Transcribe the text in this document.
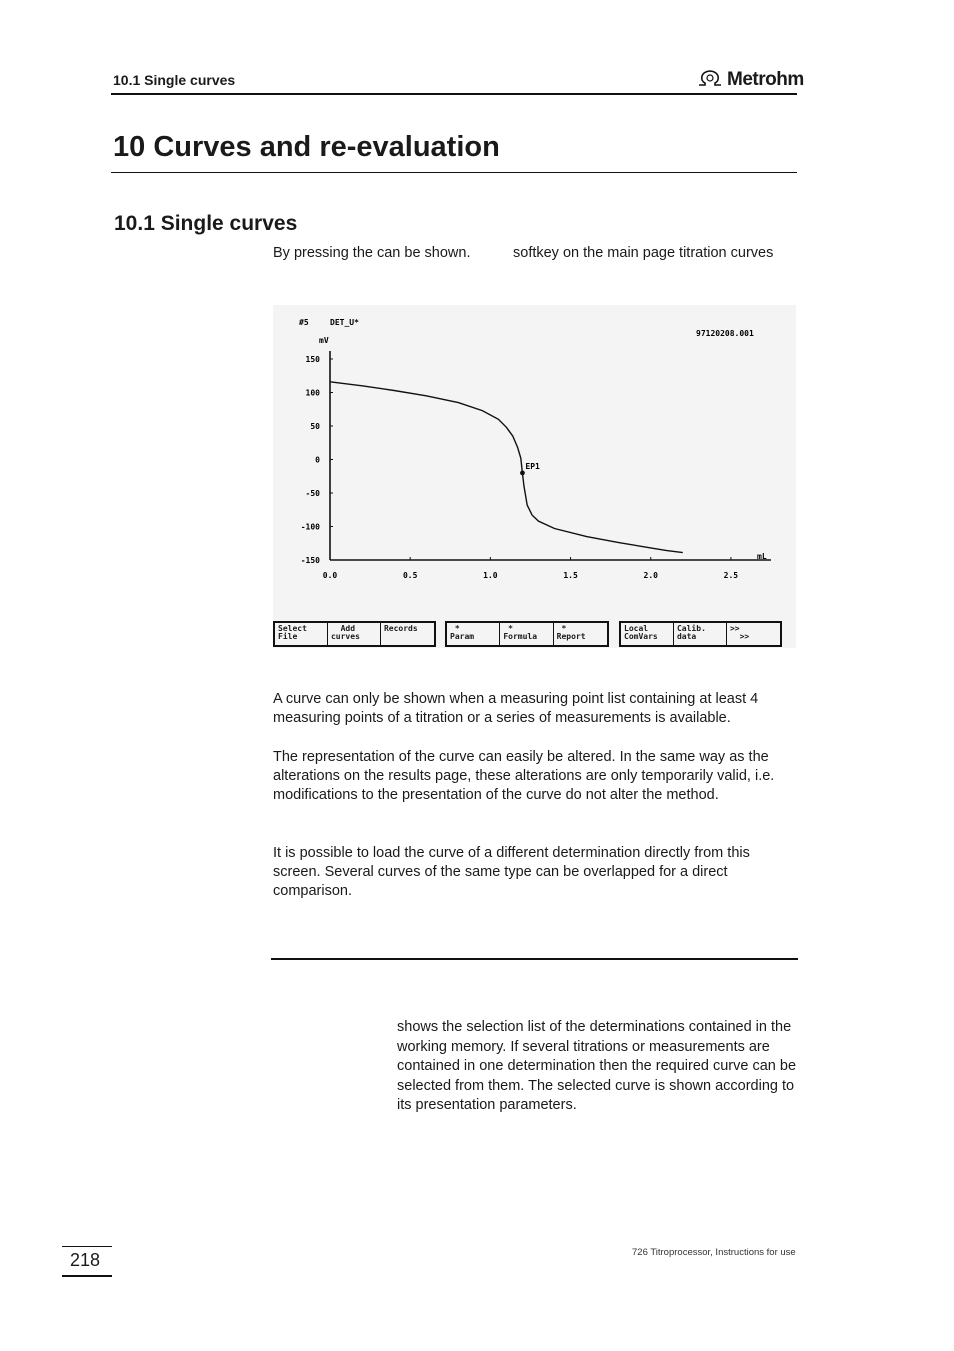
10.1 Single curves	Metrohm
10 Curves and re-evaluation
10.1 Single curves
By pressing the can be shown.	softkey on the main page titration curves
#5	DET_U*
97120208.001
mV
mL
150
100
50
0
-50
-100
-150
0.0	0.5	1.0	1.5	2.0	2.5
EP1
Select
File
Add
curves
Records	*
Param
*
Formula
*
Report
Local
ComVars
Calib.
data
>>
>>

A curve can only be shown when a measuring point list containing at least 4 measuring points of a titration or a series of measurements is available.

The representation of the curve can easily be altered. In the same way as the alterations on the results page, these alterations are only temporarily valid, i.e. modifications to the presentation of the curve do not alter the method.

It is possible to load the curve of a different determination directly from this screen. Several curves of the same type can be overlapped for a direct comparison.

shows the selection list of the determinations contained in the working memory. If several titrations or measurements are contained in one determination then the required curve can be selected from them. The selected curve is shown according to its presentation parameters.

218	726 Titroprocessor, Instructions for use
